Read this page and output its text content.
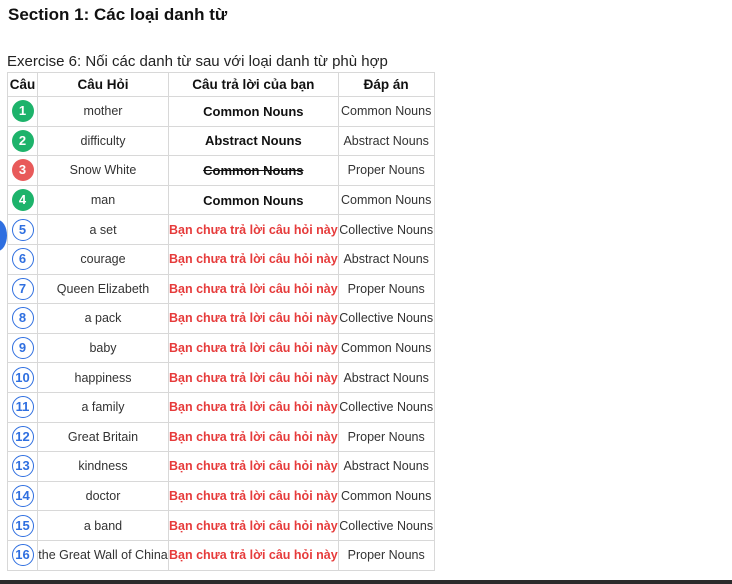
Section 1: Các loại danh từ
Exercise 6: Nối các danh từ sau với loại danh từ phù hợp
Câu	Câu Hỏi	Câu trả lời của bạn	Đáp án
1	mother	Common Nouns	Common Nouns
2	difficulty	Abstract Nouns	Abstract Nouns
3	Snow White	Common Nouns	Proper Nouns
4	man	Common Nouns	Common Nouns
5	a set	Bạn chưa trả lời câu hỏi này	Collective Nouns
6	courage	Bạn chưa trả lời câu hỏi này	Abstract Nouns
7	Queen Elizabeth	Bạn chưa trả lời câu hỏi này	Proper Nouns
8	a pack	Bạn chưa trả lời câu hỏi này	Collective Nouns
9	baby	Bạn chưa trả lời câu hỏi này	Common Nouns
10	happiness	Bạn chưa trả lời câu hỏi này	Abstract Nouns
11	a family	Bạn chưa trả lời câu hỏi này	Collective Nouns
12	Great Britain	Bạn chưa trả lời câu hỏi này	Proper Nouns
13	kindness	Bạn chưa trả lời câu hỏi này	Abstract Nouns
14	doctor	Bạn chưa trả lời câu hỏi này	Common Nouns
15	a band	Bạn chưa trả lời câu hỏi này	Collective Nouns
16	the Great Wall of China	Bạn chưa trả lời câu hỏi này	Proper Nouns
